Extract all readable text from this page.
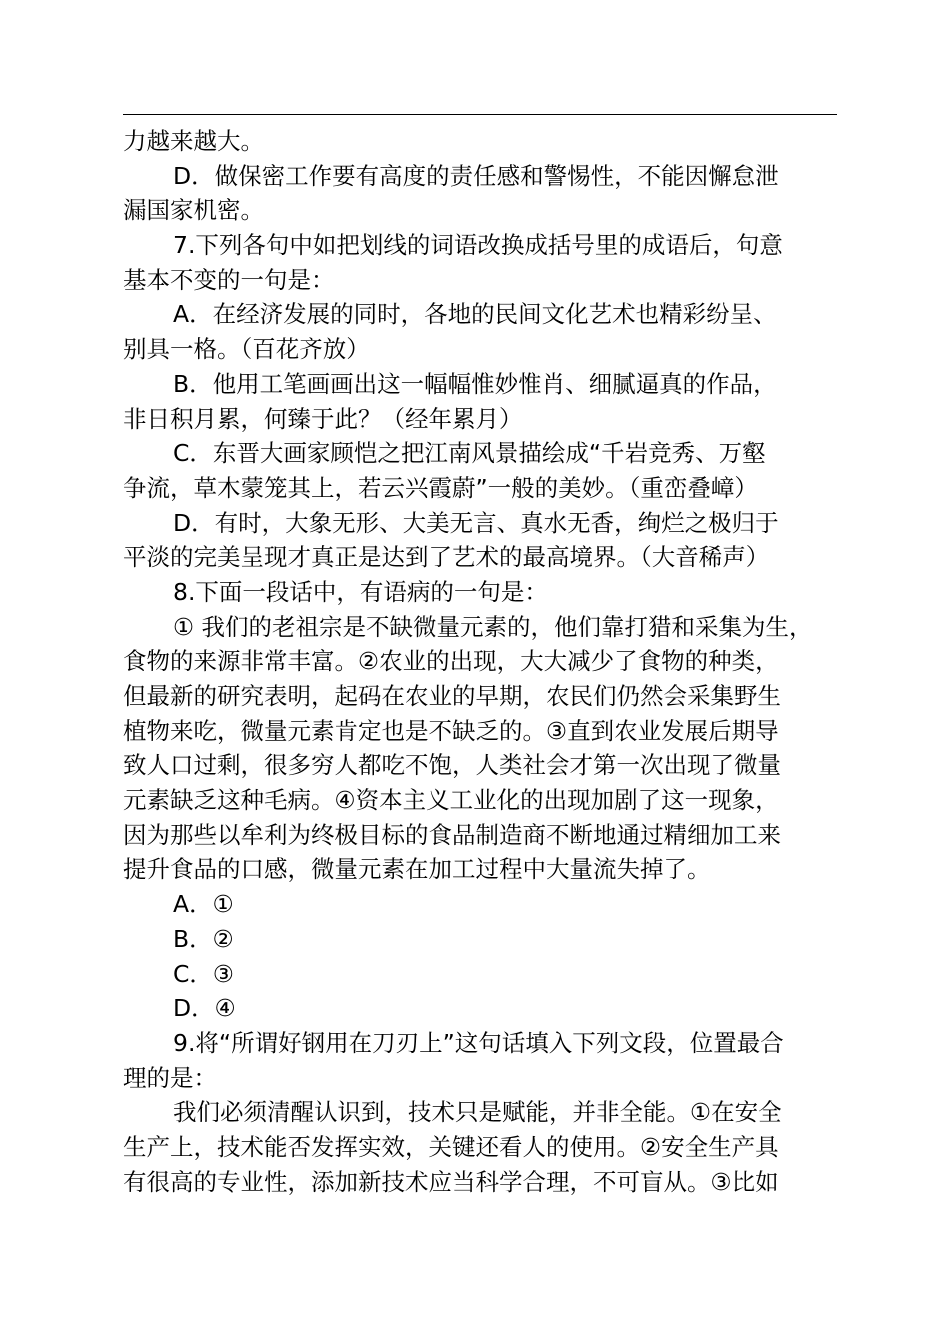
力越来越大。
D．做保密工作要有高度的责任感和警惕性，不能因懈怠泄
漏国家机密。
7.下列各句中如把划线的词语改换成括号里的成语后，句意
基本不变的一句是：
A．在经济发展的同时，各地的民间文化艺术也精彩纷呈、
别具一格。（百花齐放）
B．他用工笔画画出这一幅幅惟妙惟肖、细腻逼真的作品，
非日积月累，何臻于此？（经年累月）
C．东晋大画家顾恺之把江南风景描绘成“千岩竞秀、万壑
争流，草木蒙笼其上，若云兴霞蔚”一般的美妙。（重峦叠嶂）
D．有时，大象无形、大美无言、真水无香，绚烂之极归于
平淡的完美呈现才真正是达到了艺术的最高境界。（大音稀声）
8.下面一段话中，有语病的一句是：
① 我们的老祖宗是不缺微量元素的，他们靠打猎和采集为生，
食物的来源非常丰富。②农业的出现，大大减少了食物的种类，
但最新的研究表明，起码在农业的早期，农民们仍然会采集野生
植物来吃，微量元素肯定也是不缺乏的。③直到农业发展后期导
致人口过剩，很多穷人都吃不饱，人类社会才第一次出现了微量
元素缺乏这种毛病。④资本主义工业化的出现加剧了这一现象，
因为那些以牟利为终极目标的食品制造商不断地通过精细加工来
提升食品的口感，微量元素在加工过程中大量流失掉了。
A．①
B．②
C．③
D．④
9.将“所谓好钢用在刀刃上”这句话填入下列文段，位置最合
理的是：
我们必须清醒认识到，技术只是赋能，并非全能。①在安全
生产上，技术能否发挥实效，关键还看人的使用。②安全生产具
有很高的专业性，添加新技术应当科学合理，不可盲从。③比如
